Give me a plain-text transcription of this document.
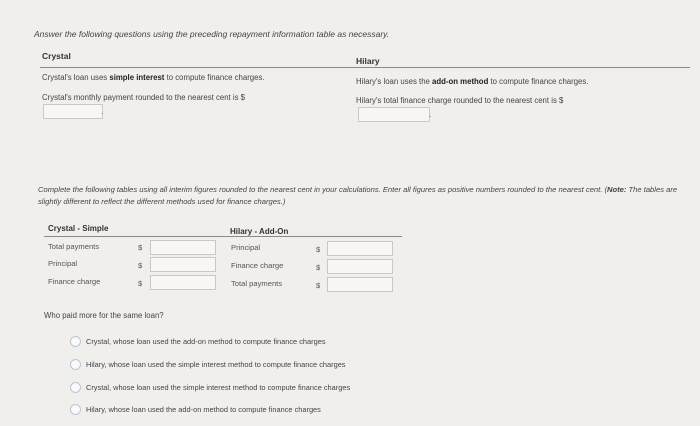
Answer the following questions using the preceding repayment information table as necessary.
Crystal	Hilary
Crystal's loan uses simple interest to compute finance charges.
Crystal's monthly payment rounded to the nearest cent is $
.
Hilary's loan uses the add-on method to compute finance charges.
Hilary's total finance charge rounded to the nearest cent is $
.
Complete the following tables using all interim figures rounded to the nearest cent in your calculations. Enter all figures as positive numbers rounded to the nearest cent. (Note: The tables are slightly different to reflect the different methods used for finance charges.)
Crystal - Simple	Hilary - Add-On
Total payments	$
Principal	$
Finance charge	$
Principal	$
Finance charge	$
Total payments	$
Who paid more for the same loan?
Crystal, whose loan used the add-on method to compute finance charges
Hilary, whose loan used the simple interest method to compute finance charges
Crystal, whose loan used the simple interest method to compute finance charges
Hilary, whose loan used the add-on method to compute finance charges
